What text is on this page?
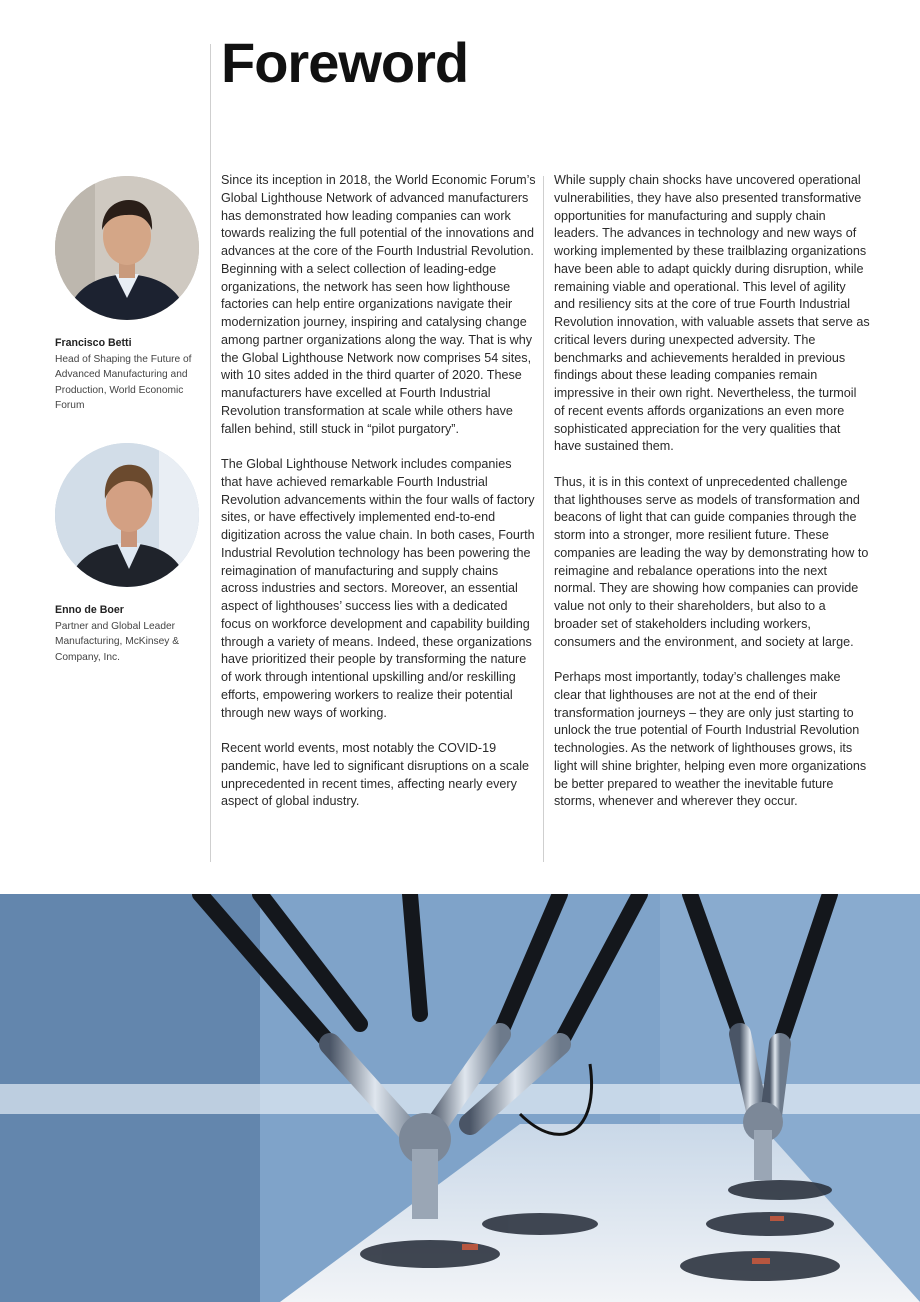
Foreword
Francisco Betti
Head of Shaping the Future of Advanced Manufacturing and Production, World Economic Forum
Enno de Boer
Partner and Global Leader Manufacturing, McKinsey & Company, Inc.

Since its inception in 2018, the World Economic Forum’s Global Lighthouse Network of advanced manufacturers has demonstrated how leading companies can work towards realizing the full potential of the innovations and advances at the core of the Fourth Industrial Revolution. Beginning with a select collection of leading-edge organizations, the network has seen how lighthouse factories can help entire organizations navigate their modernization journey, inspiring and catalysing change among partner organizations along the way. That is why the Global Lighthouse Network now comprises 54 sites, with 10 sites added in the third quarter of 2020. These manufacturers have excelled at Fourth Industrial Revolution transformation at scale while others have fallen behind, still stuck in “pilot purgatory”.

The Global Lighthouse Network includes companies that have achieved remarkable Fourth Industrial Revolution advancements within the four walls of factory sites, or have effectively implemented end-to-end digitization across the value chain. In both cases, Fourth Industrial Revolution technology has been powering the reimagination of manufacturing and supply chains across industries and sectors. Moreover, an essential aspect of lighthouses’ success lies with a dedicated focus on workforce development and capability building through a variety of means. Indeed, these organizations have prioritized their people by transforming the nature of work through intentional upskilling and/or reskilling efforts, empowering workers to realize their potential through new ways of working.

Recent world events, most notably the COVID-19 pandemic, have led to significant disruptions on a scale unprecedented in recent times, affecting nearly every aspect of global industry.

While supply chain shocks have uncovered operational vulnerabilities, they have also presented transformative opportunities for manufacturing and supply chain leaders. The advances in technology and new ways of working implemented by these trailblazing organizations have been able to adapt quickly during disruption, while remaining viable and operational. This level of agility and resiliency sits at the core of true Fourth Industrial Revolution innovation, with valuable assets that serve as critical levers during unexpected adversity. The benchmarks and achievements heralded in previous findings about these leading companies remain impressive in their own right. Nevertheless, the turmoil of recent events affords organizations an even more sophisticated appreciation for the very qualities that have sustained them.

Thus, it is in this context of unprecedented challenge that lighthouses serve as models of transformation and beacons of light that can guide companies through the storm into a stronger, more resilient future. These companies are leading the way by demonstrating how to reimagine and rebalance operations into the next normal. They are showing how companies can provide value not only to their shareholders, but also to a broader set of stakeholders including workers, consumers and the environment, and society at large.

Perhaps most importantly, today’s challenges make clear that lighthouses are not at the end of their transformation journeys – they are only just starting to unlock the true potential of Fourth Industrial Revolution technologies. As the network of lighthouses grows, its light will shine brighter, helping even more organizations be better prepared to weather the inevitable future storms, whenever and wherever they occur.
